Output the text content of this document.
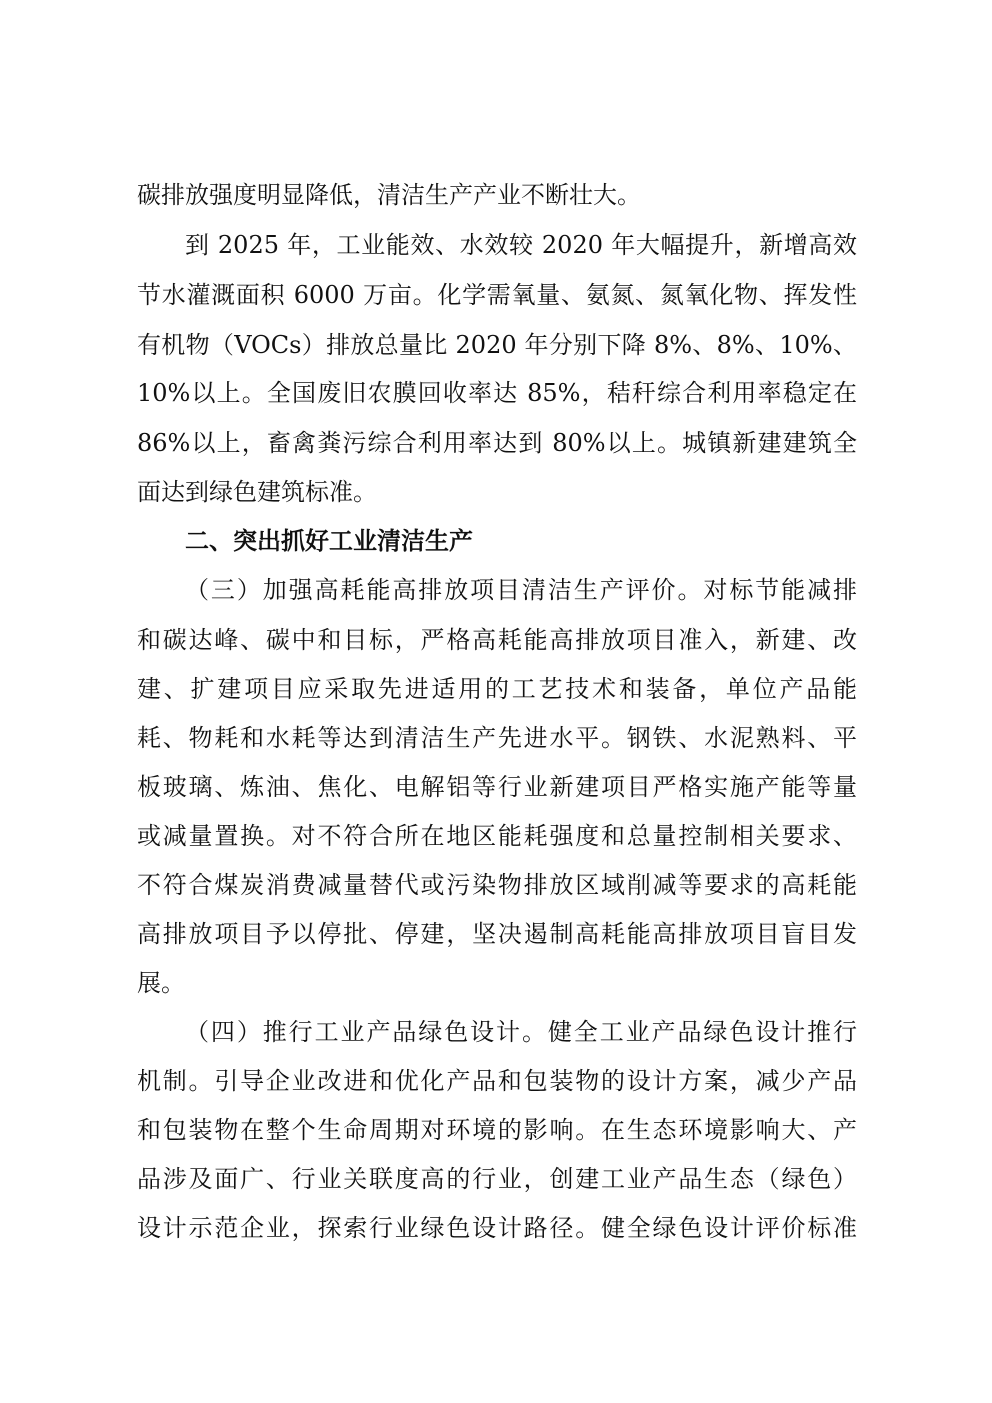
碳排放强度明显降低，清洁生产产业不断壮大。
到 2025 年，工业能效、水效较 2020 年大幅提升，新增高效
节水灌溉面积 6000 万亩。化学需氧量、氨氮、氮氧化物、挥发性
有机物（VOCs）排放总量比 2020 年分别下降 8%、8%、10%、
10%以上。全国废旧农膜回收率达 85%，秸秆综合利用率稳定在
86%以上，畜禽粪污综合利用率达到 80%以上。城镇新建建筑全
面达到绿色建筑标准。
二、突出抓好工业清洁生产
（三）加强高耗能高排放项目清洁生产评价。对标节能减排
和碳达峰、碳中和目标，严格高耗能高排放项目准入，新建、改
建、扩建项目应采取先进适用的工艺技术和装备，单位产品能
耗、物耗和水耗等达到清洁生产先进水平。钢铁、水泥熟料、平
板玻璃、炼油、焦化、电解铝等行业新建项目严格实施产能等量
或减量置换。对不符合所在地区能耗强度和总量控制相关要求、
不符合煤炭消费减量替代或污染物排放区域削减等要求的高耗能
高排放项目予以停批、停建，坚决遏制高耗能高排放项目盲目发
展。
（四）推行工业产品绿色设计。健全工业产品绿色设计推行
机制。引导企业改进和优化产品和包装物的设计方案，减少产品
和包装物在整个生命周期对环境的影响。在生态环境影响大、产
品涉及面广、行业关联度高的行业，创建工业产品生态（绿色）
设计示范企业，探索行业绿色设计路径。健全绿色设计评价标准
